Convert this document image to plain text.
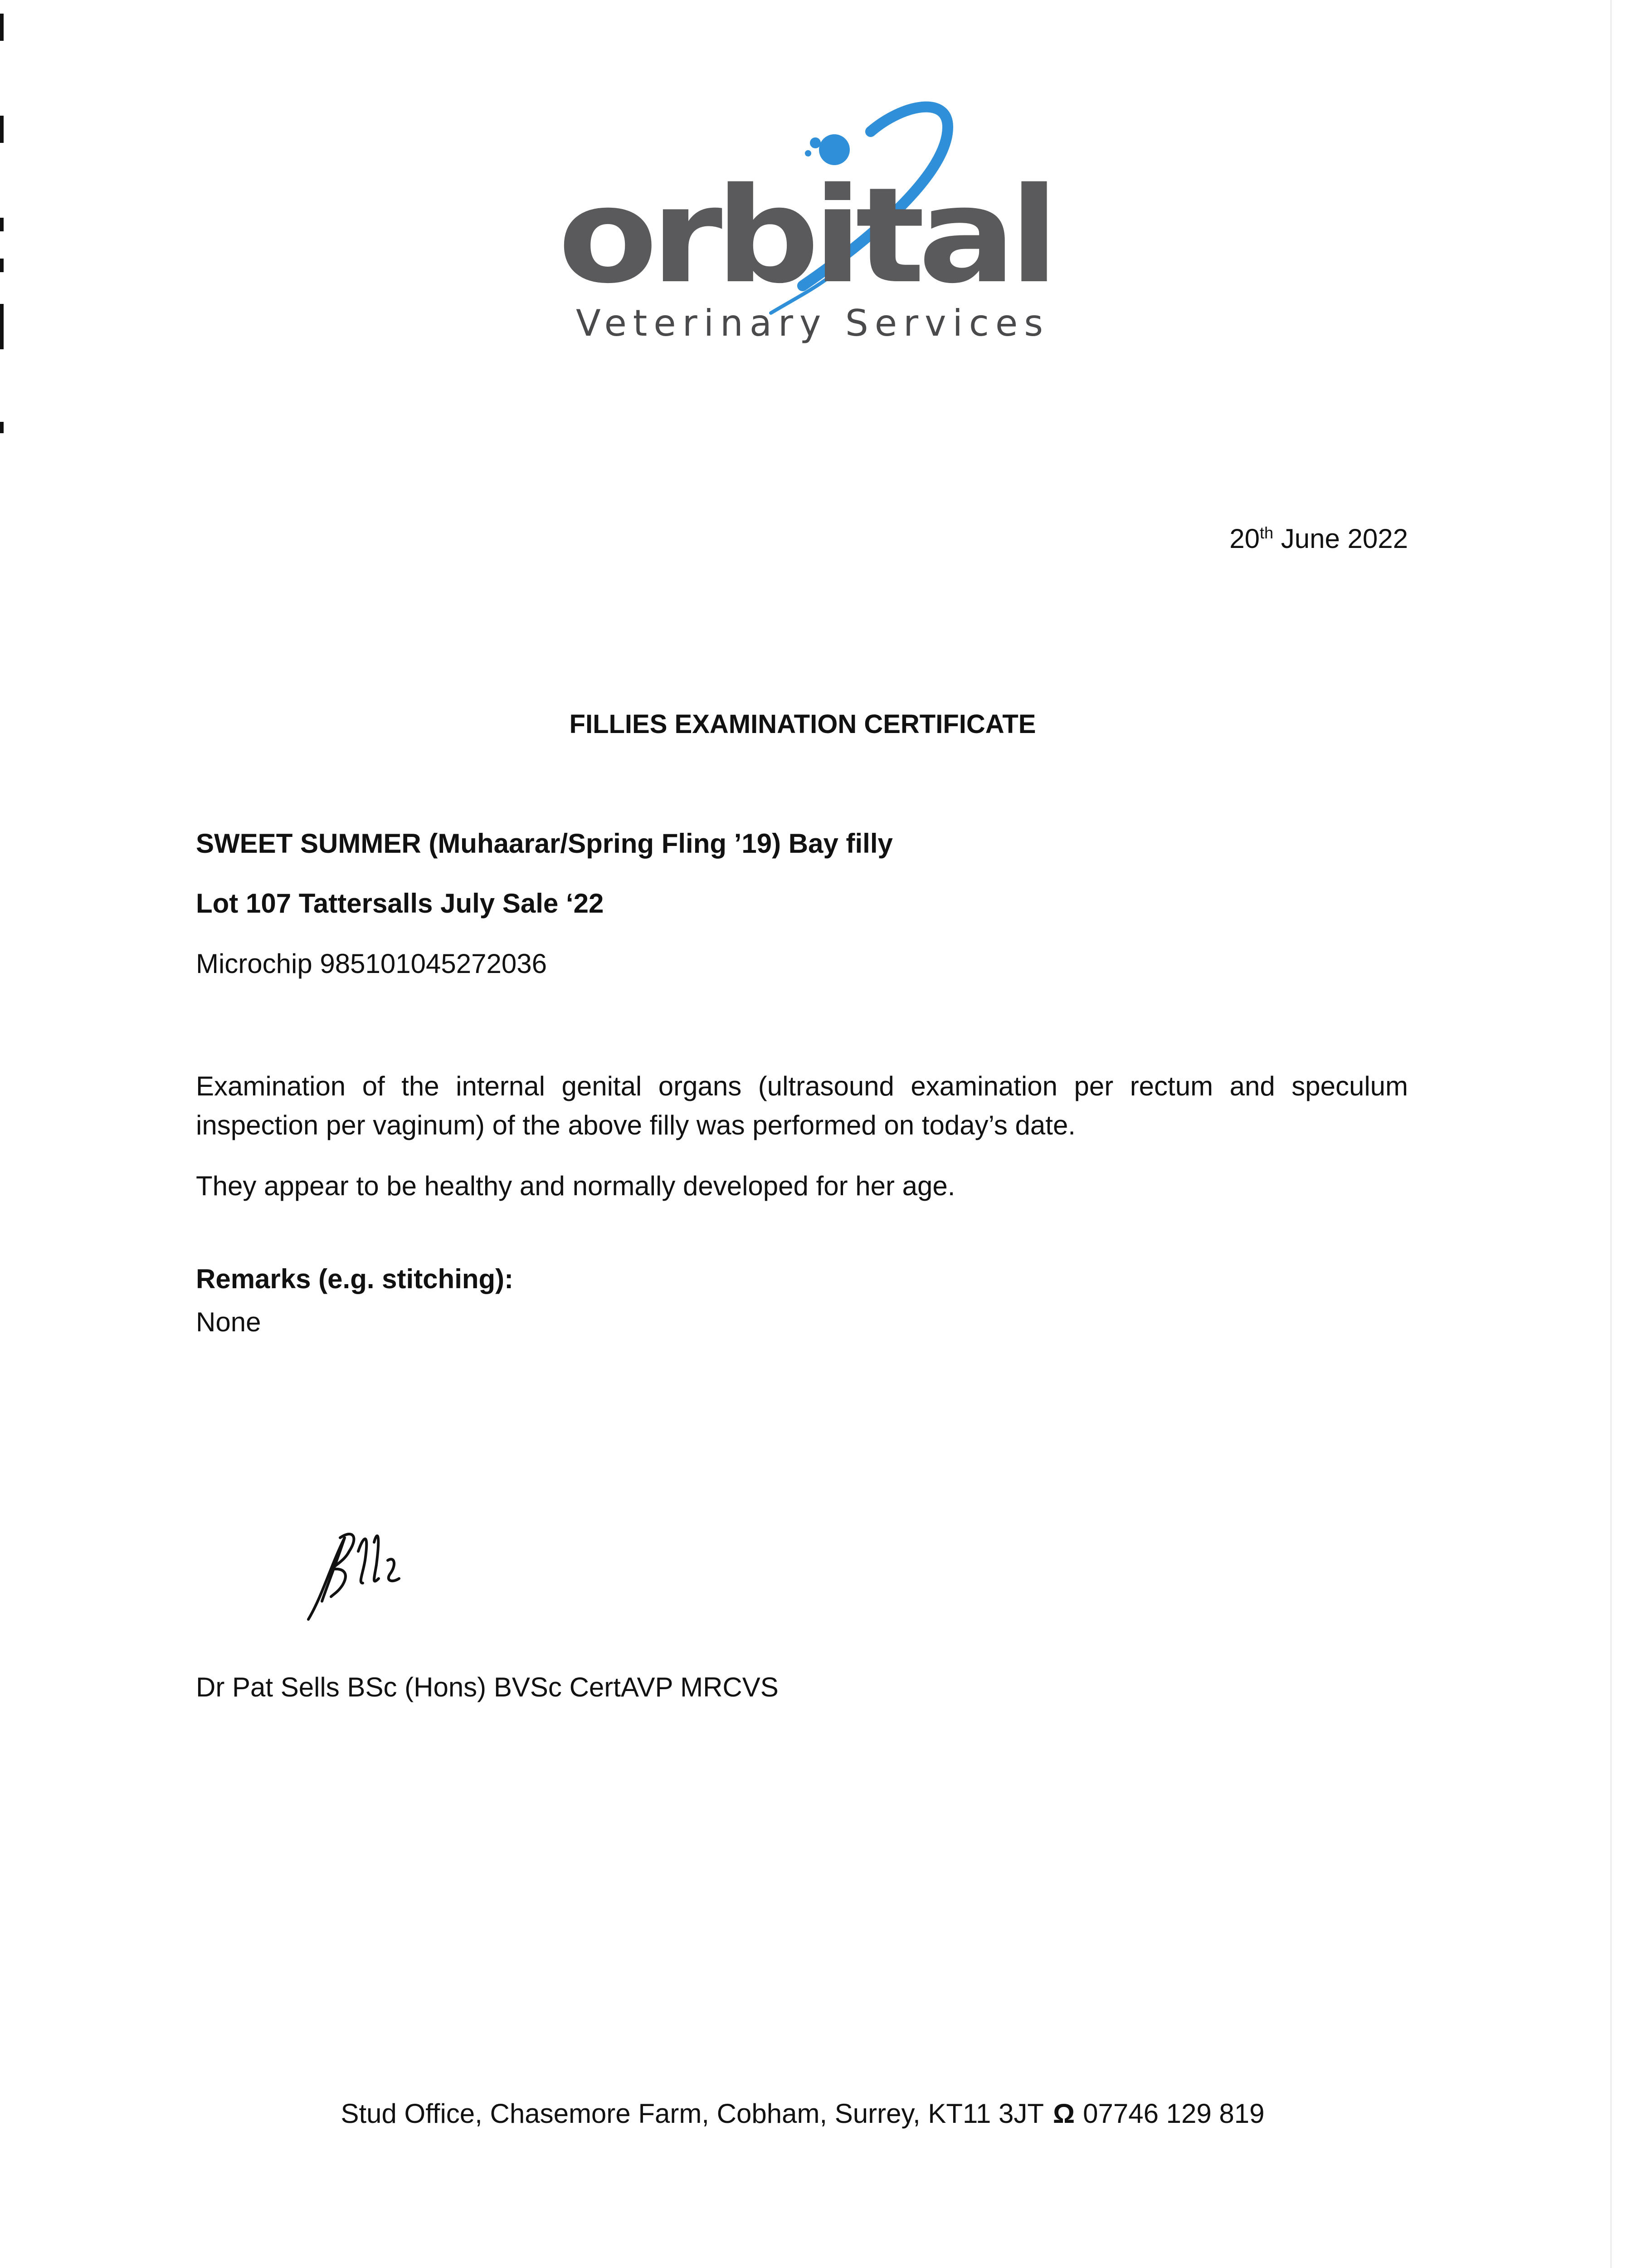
orbital
Veterinary Services
20th June 2022
FILLIES EXAMINATION CERTIFICATE
SWEET SUMMER (Muhaarar/Spring Fling ’19) Bay filly
Lot 107 Tattersalls July Sale ‘22
Microchip 985101045272036
Examination of the internal genital organs (ultrasound examination per rectum and speculum inspection per vaginum) of the above filly was performed on today’s date.
They appear to be healthy and normally developed for her age.
Remarks (e.g. stitching):
None
Dr Pat Sells BSc (Hons) BVSc CertAVP MRCVS
Stud Office, Chasemore Farm, Cobham, Surrey, KT11 3JT Ω 07746 129 819
